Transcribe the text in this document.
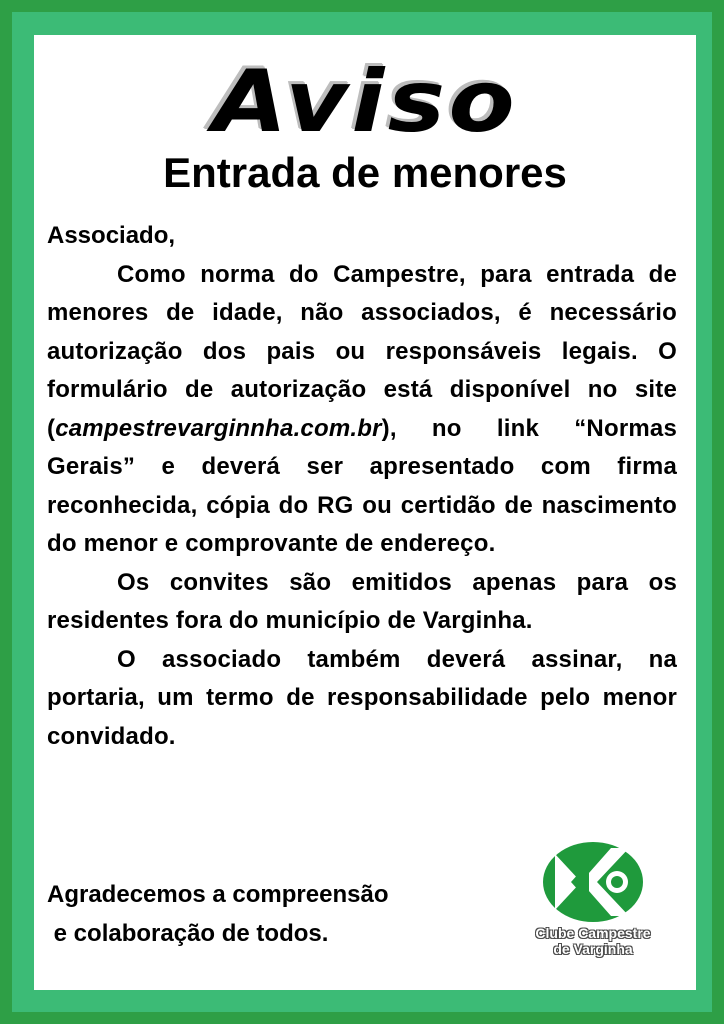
Aviso
Entrada de menores

Associado,

Como norma do Campestre, para entrada de menores de idade, não associados, é necessário autorização dos pais ou responsáveis legais. O formulário de autorização está disponível no site (campestrevarginnha.com.br), no link “Normas Gerais” e deverá ser apresentado com firma reconhecida, cópia do RG ou certidão de nascimento do menor e comprovante de endereço.

Os convites são emitidos apenas para os residentes fora do município de Varginha.

O associado também deverá assinar, na portaria, um termo de responsabilidade pelo menor convidado.

Agradecemos a compreensão
e colaboração de todos.	Clube Campestre
de Varginha
